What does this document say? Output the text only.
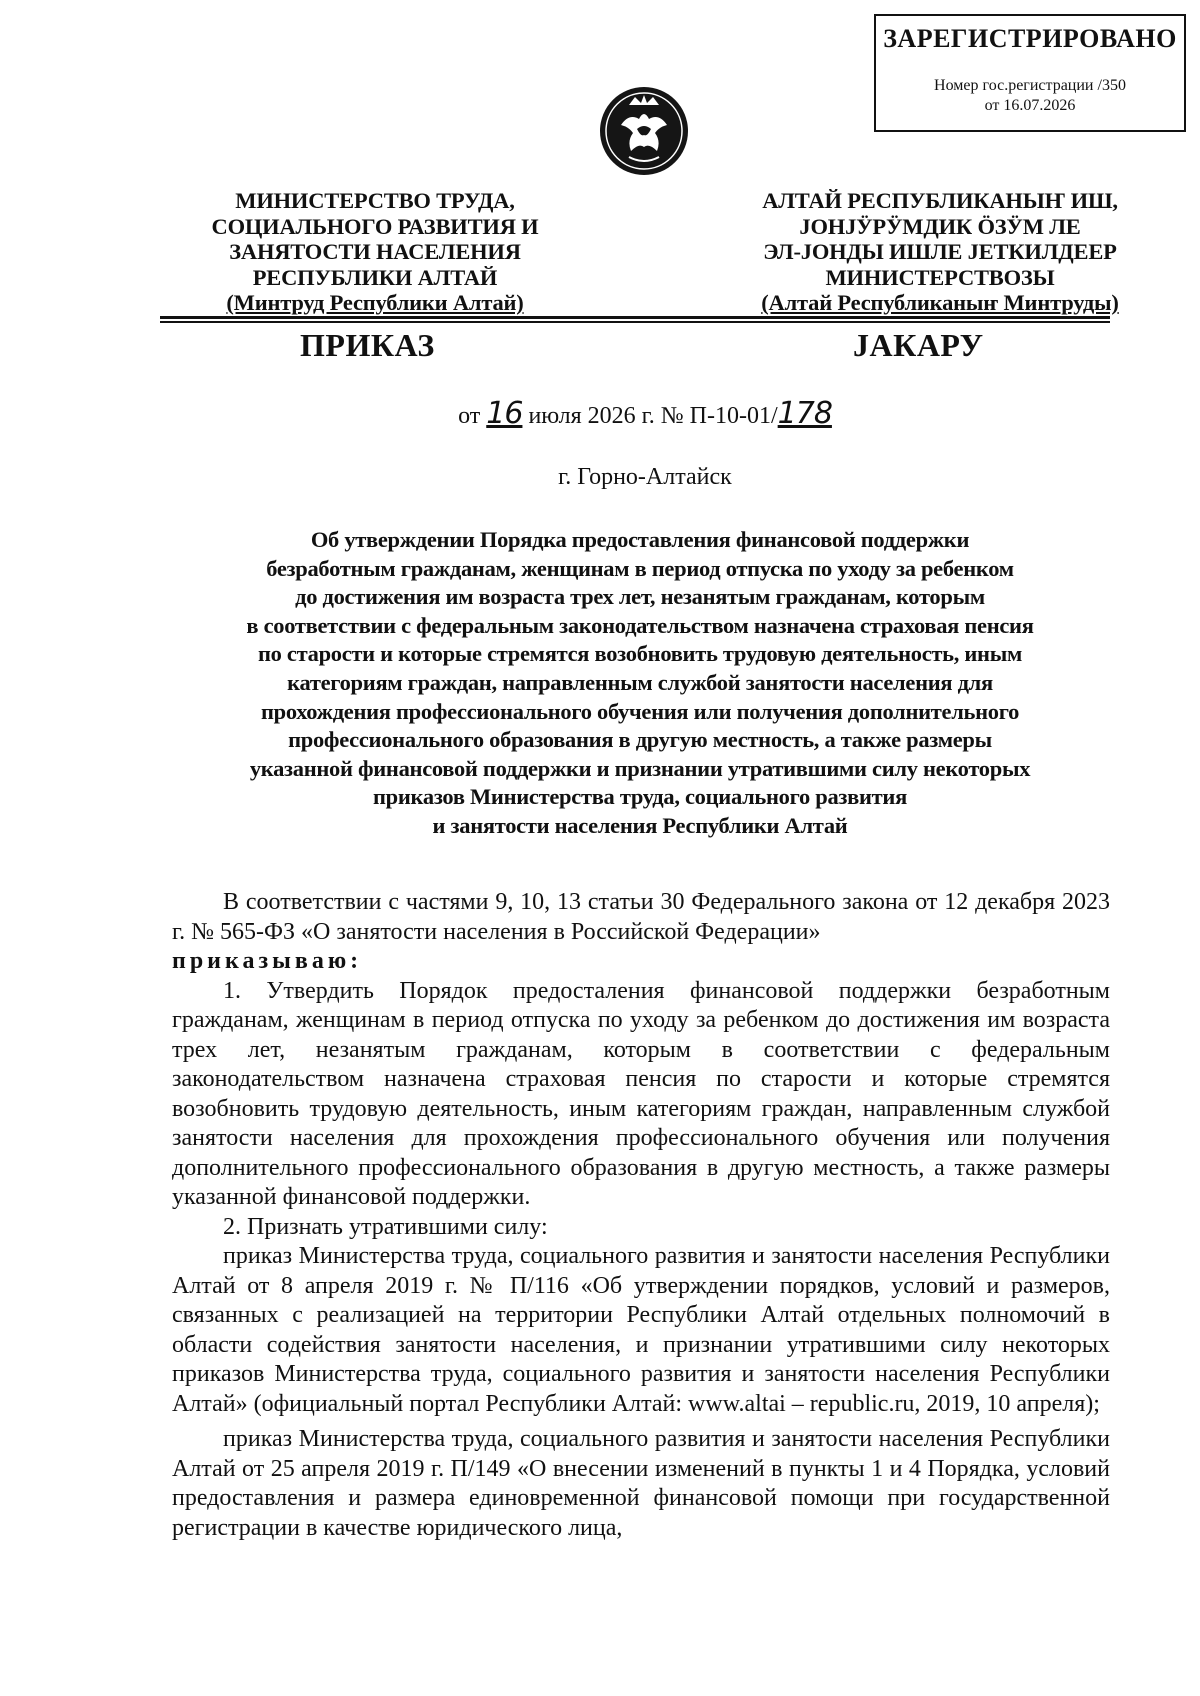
ЗАРЕГИСТРИРОВАНО
Номер гос.регистрации /350
от 16.07.2026
МИНИСТЕРСТВО ТРУДА,
СОЦИАЛЬНОГО РАЗВИТИЯ И
ЗАНЯТОСТИ НАСЕЛЕНИЯ
РЕСПУБЛИКИ АЛТАЙ
(Минтруд Республики Алтай)
АЛТАЙ РЕСПУБЛИКАНЫҤ ИШ,
ЈОНЈӰРӰМДИК ÖЗӰМ ЛЕ
ЭЛ-ЈОНДЫ ИШЛЕ ЈЕТКИЛДЕЕР
МИНИСТЕРСТВОЗЫ
(Алтай Республиканыҥ Минтруды)
ПРИКАЗ	ЈАКАРУ
от 16 июля 2026 г. № П-10-01/178
г. Горно-Алтайск
Об утверждении Порядка предоставления финансовой поддержки
безработным гражданам, женщинам в период отпуска по уходу за ребенком
до достижения им возраста трех лет, незанятым гражданам, которым
в соответствии с федеральным законодательством назначена страховая пенсия
по старости и которые стремятся возобновить трудовую деятельность, иным
категориям граждан, направленным службой занятости населения для
прохождения профессионального обучения или получения дополнительного
профессионального образования в другую местность, а также размеры
указанной финансовой поддержки и признании утратившими силу некоторых
приказов Министерства труда, социального развития
и занятости населения Республики Алтай

В соответствии с частями 9, 10, 13 статьи 30 Федерального закона от 12 декабря 2023 г. № 565-ФЗ «О занятости населения в Российской Федерации»

приказываю:

1. Утвердить Порядок предосталения финансовой поддержки безработным гражданам, женщинам в период отпуска по уходу за ребенком до достижения им возраста трех лет, незанятым гражданам, которым в соответствии с федеральным законодательством назначена страховая пенсия по старости и которые стремятся возобновить трудовую деятельность, иным категориям граждан, направленным службой занятости населения для прохождения профессионального обучения или получения дополнительного профессионального образования в другую местность, а также размеры указанной финансовой поддержки.

2. Признать утратившими силу:

приказ Министерства труда, социального развития и занятости населения Республики Алтай от 8 апреля 2019 г. № П/116 «Об утверждении порядков, условий и размеров, связанных с реализацией на территории Республики Алтай отдельных полномочий в области содействия занятости населения, и признании утратившими силу некоторых приказов Министерства труда, социального развития и занятости населения Республики Алтай» (официальный портал Республики Алтай: www.altai – republic.ru, 2019, 10 апреля);

приказ Министерства труда, социального развития и занятости населения Республики Алтай от 25 апреля 2019 г. П/149 «О внесении изменений в пункты 1 и 4 Порядка, условий предоставления и размера единовременной финансовой помощи при государственной регистрации в качестве юридического лица,
